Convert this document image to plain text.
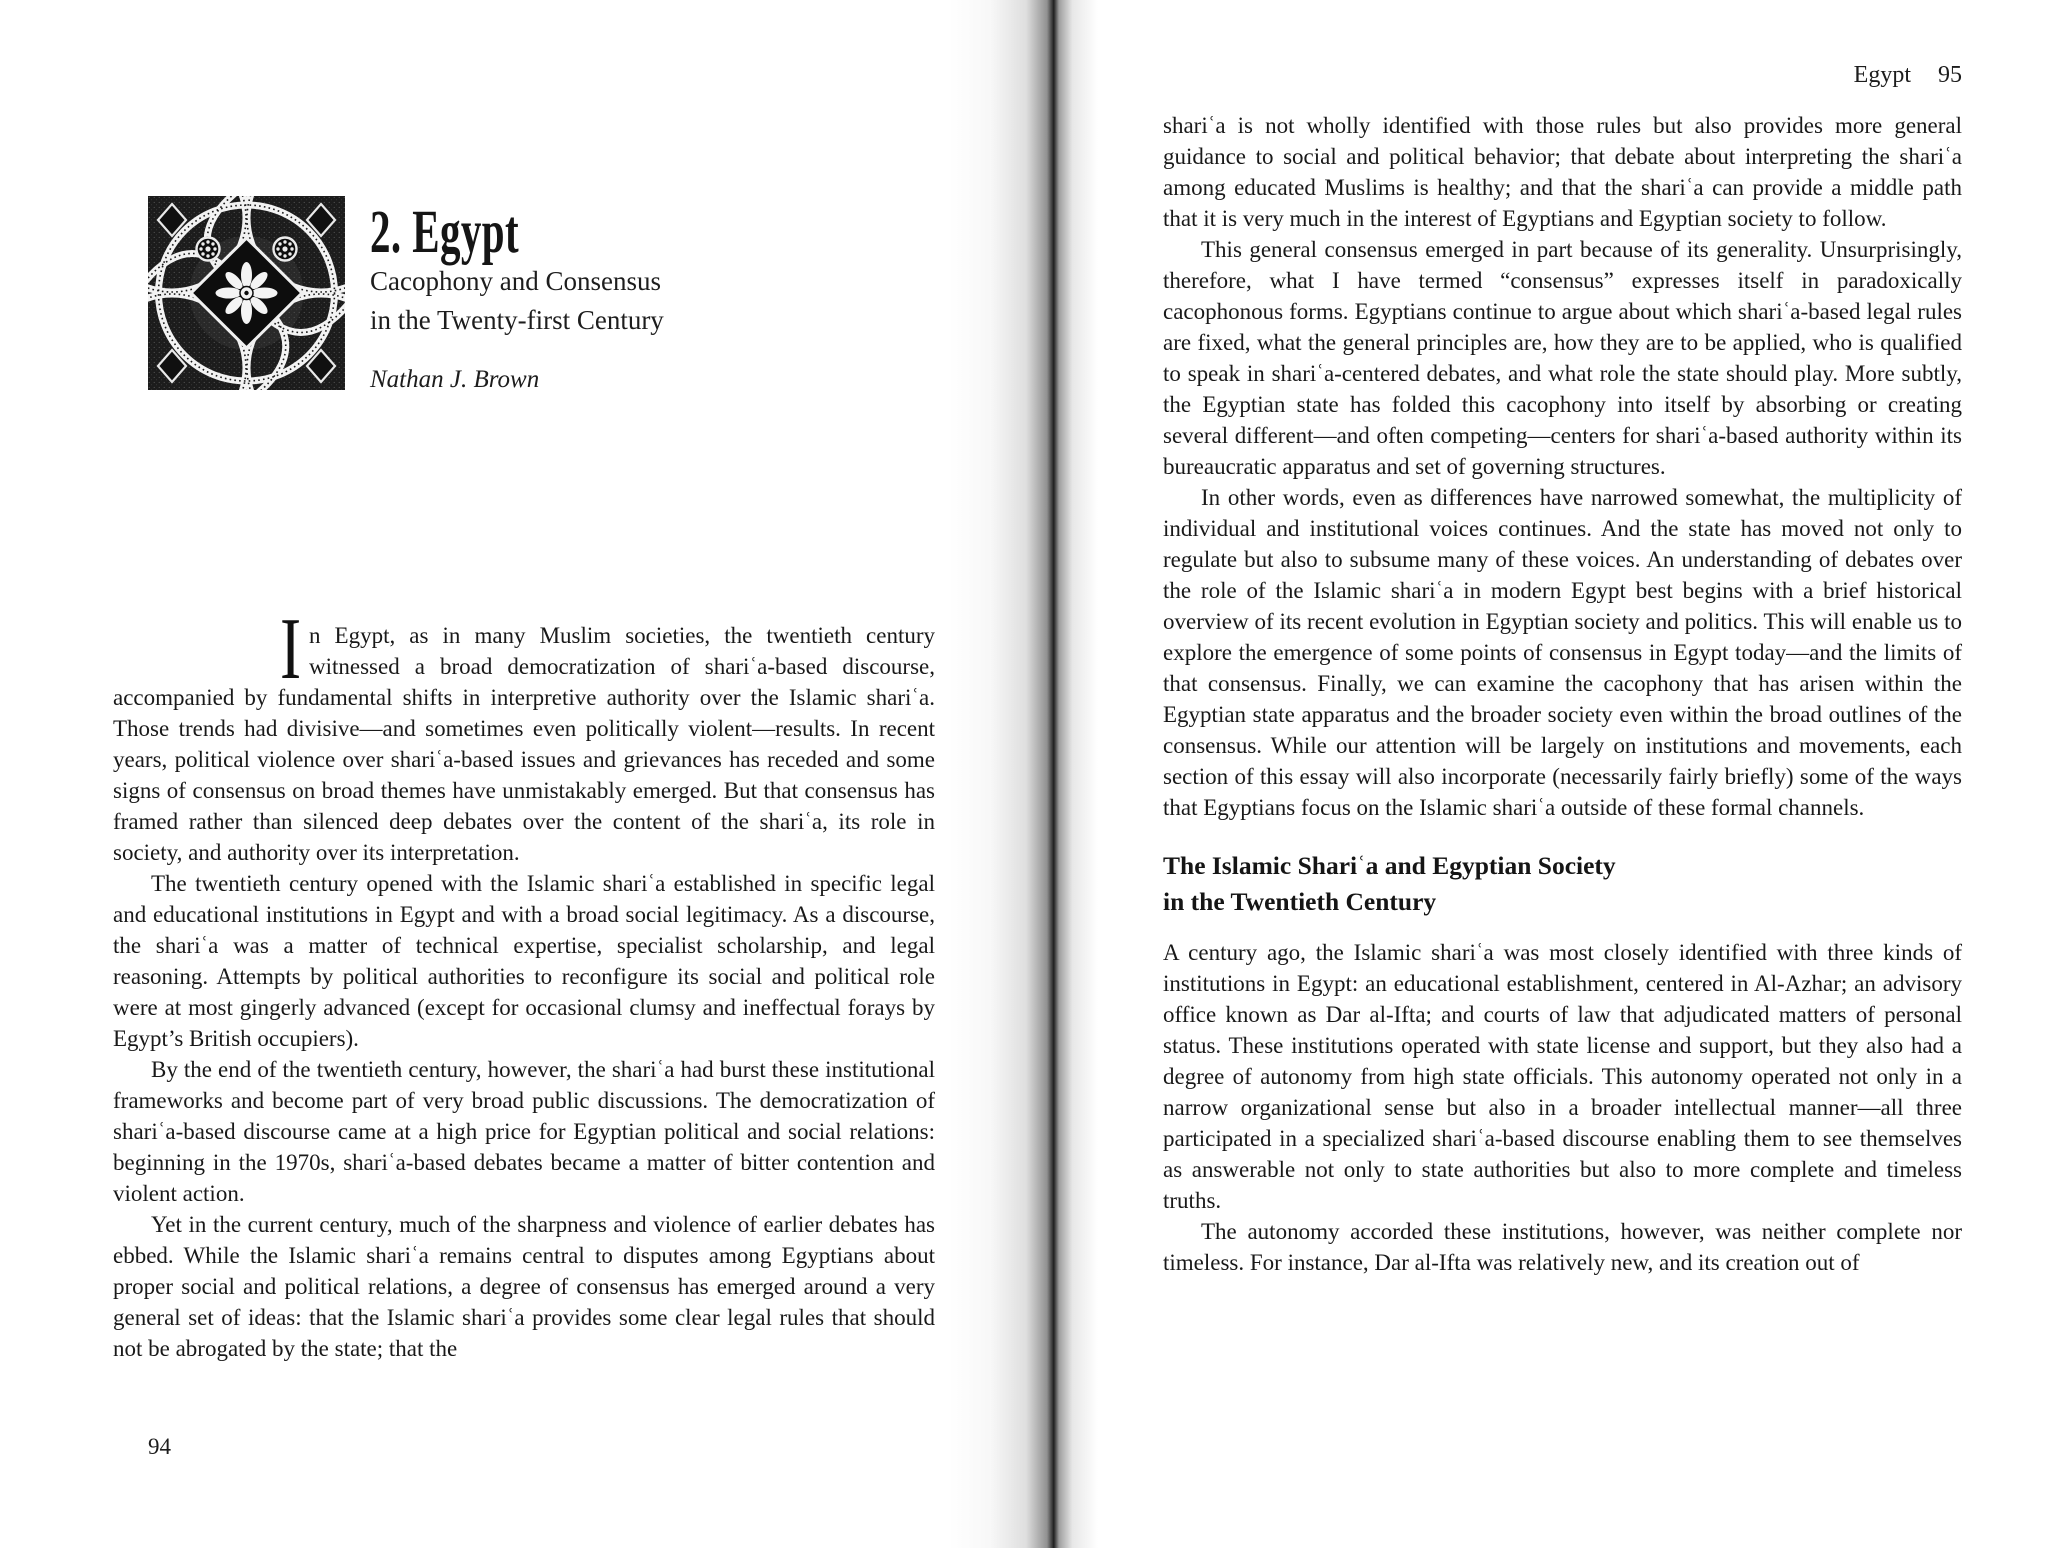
2. Egypt
Cacophony and Consensus
in the Twenty-first Century
Nathan J. Brown

I n Egypt, as in many Muslim societies, the twentieth century witnessed a broad democratization of shariʿa-based discourse, accompanied by fundamental shifts in interpretive authority over the Islamic shariʿa. Those trends had divisive—and sometimes even politically violent—results. In recent years, political violence over shariʿa-based issues and grievances has receded and some signs of consensus on broad themes have unmistakably emerged. But that consensus has framed rather than silenced deep debates over the content of the shariʿa, its role in society, and authority over its interpretation.

The twentieth century opened with the Islamic shariʿa established in specific legal and educational institutions in Egypt and with a broad social legitimacy. As a discourse, the shariʿa was a matter of technical expertise, specialist scholarship, and legal reasoning. Attempts by political authorities to reconfigure its social and political role were at most gingerly advanced (except for occasional clumsy and ineffectual forays by Egypt’s British occupiers).

By the end of the twentieth century, however, the shariʿa had burst these institutional frameworks and become part of very broad public discussions. The democratization of shariʿa-based discourse came at a high price for Egyptian political and social relations: beginning in the 1970s, shariʿa-based debates became a matter of bitter contention and violent action.

Yet in the current century, much of the sharpness and violence of earlier debates has ebbed. While the Islamic shariʿa remains central to disputes among Egyptians about proper social and political relations, a degree of consensus has emerged around a very general set of ideas: that the Islamic shariʿa provides some clear legal rules that should not be abrogated by the state; that the

94
Egypt 95

shariʿa is not wholly identified with those rules but also provides more general guidance to social and political behavior; that debate about interpreting the shariʿa among educated Muslims is healthy; and that the shariʿa can provide a middle path that it is very much in the interest of Egyptians and Egyptian society to follow.

This general consensus emerged in part because of its generality. Unsurprisingly, therefore, what I have termed “consensus” expresses itself in paradoxically cacophonous forms. Egyptians continue to argue about which shariʿa-based legal rules are fixed, what the general principles are, how they are to be applied, who is qualified to speak in shariʿa-centered debates, and what role the state should play. More subtly, the Egyptian state has folded this cacophony into itself by absorbing or creating several different—and often competing—centers for shariʿa-based authority within its bureaucratic apparatus and set of governing structures.

In other words, even as differences have narrowed somewhat, the multiplicity of individual and institutional voices continues. And the state has moved not only to regulate but also to subsume many of these voices. An understanding of debates over the role of the Islamic shariʿa in modern Egypt best begins with a brief historical overview of its recent evolution in Egyptian society and politics. This will enable us to explore the emergence of some points of consensus in Egypt today—and the limits of that consensus. Finally, we can examine the cacophony that has arisen within the Egyptian state apparatus and the broader society even within the broad outlines of the consensus. While our attention will be largely on institutions and movements, each section of this essay will also incorporate (necessarily fairly briefly) some of the ways that Egyptians focus on the Islamic shariʿa outside of these formal channels.

The Islamic Shariʿa and Egyptian Society
in the Twentieth Century

A century ago, the Islamic shariʿa was most closely identified with three kinds of institutions in Egypt: an educational establishment, centered in Al-Azhar; an advisory office known as Dar al-Ifta; and courts of law that adjudicated matters of personal status. These institutions operated with state license and support, but they also had a degree of autonomy from high state officials. This autonomy operated not only in a narrow organizational sense but also in a broader intellectual manner—all three participated in a specialized shariʿa-based discourse enabling them to see themselves as answerable not only to state authorities but also to more complete and timeless truths.

The autonomy accorded these institutions, however, was neither complete nor timeless. For instance, Dar al-Ifta was relatively new, and its creation out of
